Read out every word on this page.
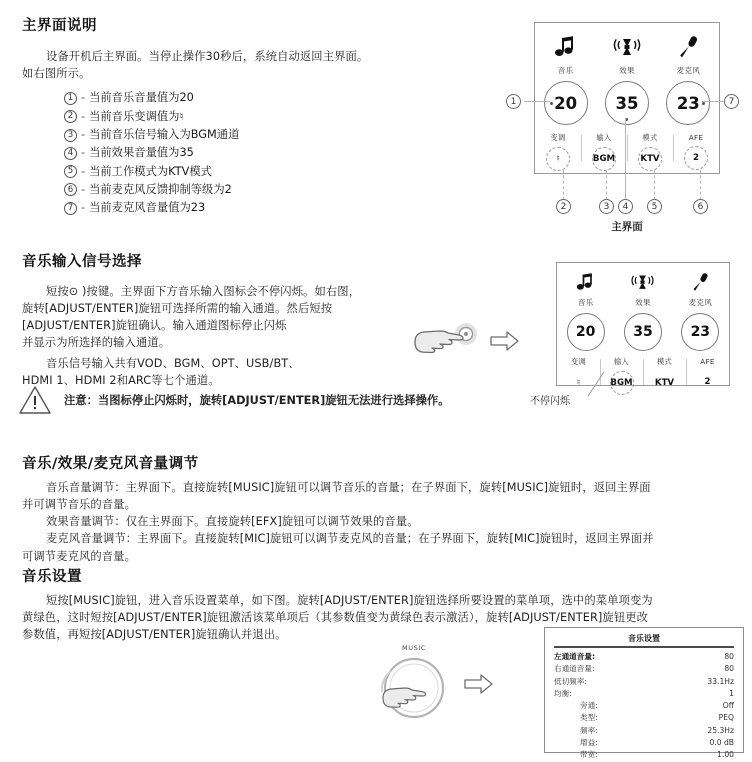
主界面说明

设备开机后主界面。当停止操作30秒后，系统自动返回主界面。
如右图所示。

1 - 当前音乐音量值为20
2 - 当前音乐变调值为♮
3 - 当前音乐信号输入为BGM通道
4 - 当前效果音量值为35
5 - 当前工作模式为KTV模式
6 - 当前麦克风反馈抑制等级为2
7 - 当前麦克风音量值为23
音乐
20
效果
35
麦克风
23
变调
♮
输入
BGM
模式
KTV
AFE
2
1	7
2	3	4	5	6
主界面
音乐输入信号选择

短按⊙ )按键。主界面下方音乐输入图标会不停闪烁。如右图，
旋转[ADJUST/ENTER]旋钮可选择所需的输入通道。然后短按
[ADJUST/ENTER]旋钮确认。输入通道图标停止闪烁
并显示为所选择的输入通道。

音乐信号输入共有VOD、BGM、OPT、USB/BT、
HDMI 1、HDMI 2和ARC等七个通道。

音乐
20
效果
35
麦克风
23
变调
♮
输入
BGM
模式
KTV
AFE
2
不停闪烁
注意：当图标停止闪烁时，旋转[ADJUST/ENTER]旋钮无法进行选择操作。
音乐/效果/麦克风音量调节

音乐音量调节：主界面下。直接旋转[MUSIC]旋钮可以调节音乐的音量；在子界面下，旋转[MUSIC]旋钮时，返回主界面
并可调节音乐的音量。
效果音量调节：仅在主界面下。直接旋转[EFX]旋钮可以调节效果的音量。
麦克风音量调节：主界面下。直接旋转[MIC]旋钮可以调节麦克风的音量；在子界面下，旋转[MIC]旋钮时，返回主界面并
可调节麦克风的音量。

音乐设置

短按[MUSIC]旋钮，进入音乐设置菜单，如下图。旋转[ADJUST/ENTER]旋钮选择所要设置的菜单项，选中的菜单项变为
黄绿色，这时短按[ADJUST/ENTER]旋钮激活该菜单项后（其参数值变为黄绿色表示激活），旋转[ADJUST/ENTER]旋钮更改
参数值，再短按[ADJUST/ENTER]旋钮确认并退出。

MUSIC
音乐设置
左通道音量:	80
右通道音量:	80
低切频率:	33.1Hz
均衡:	1
旁通:	Off
类型:	PEQ
频率:	25.3Hz
增益:	0.0 dB
带宽:	1.00
